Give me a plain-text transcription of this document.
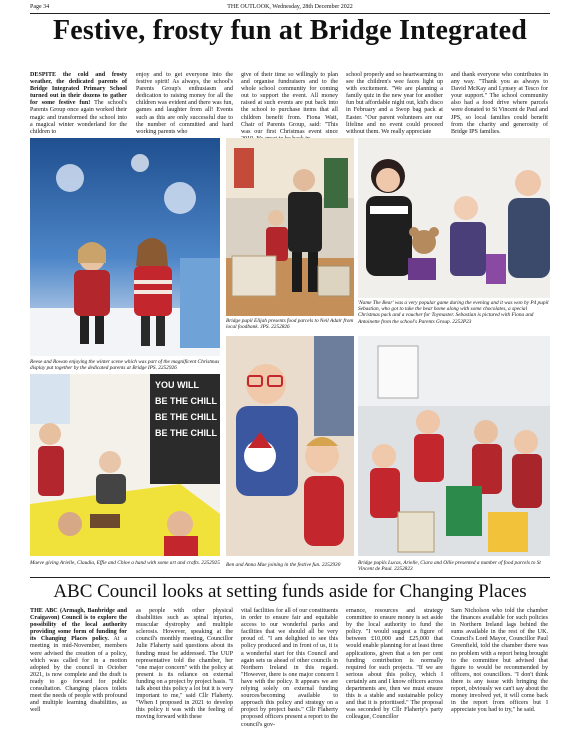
Page 34	THE OUTLOOK, Wednesday, 28th December 2022
Festive, frosty fun at Bridge Integrated

DESPITE the cold and frosty weather, the dedicated parents of Bridge Integrated Primary School turned out in their dozens to gather for some festive fun! The school's Parents Group once again worked their magic and transformed the school into a magical winter wonderland for the children to

enjoy and to get everyone into the festive spirit! As always, the school's Parents Group's enthusiasm and dedication to raising money for all the children was evident and there was fun, games and laughter from all! Events such as this are only successful due to the number of committed and hard working parents who

give of their time so willingly to plan and organise fundraisers and to the whole school community for coming out to support the event. All money raised at such events are put back into the school to purchase items that all children benefit from. Fiona Watt, Chair of Parents Group, said: "This was our first Christmas event since

school properly and so heartwarming to see the children's wee faces light up with excitement. "We are planning a family quiz in the new year for another fun but affordable night out, kid's disco in February and a Swop bag pack at Easter. "Our parent volunteers are our lifeline and no event could proceed without them. We really appreciate

and thank everyone who contributes in any way. "Thank you as always to David McKay and Lynsey at Tesco for your support." The school community also had a food drive where parcels were donated to St Vincent de Paul and JPS, so local families could benefit from the charity and generosity of Bridge IPS families.

Reese and Rowan enjoying the winter scene which was part of the magnificent Christmas display put together by the dedicated parents at Bridge IPS. 2252926
Bridge pupil Elijah presents food parcels to Neil Adair from local foodbank. JPS. 2252826
'Name The Bear' was a very popular game during the evening and it was won by P4 pupil Sebastian, who got to take the bear home along with some chocolates, a special Christmas pack and a voucher for Toymaster. Sebastian is pictured with Fiona and Antoinette from the school's Parents Group. 2252P23
YOU WILL
BE THE CHILL
BE THE CHILL
BE THE CHILL
Maeve giving Arielle, Claudia, Effie and Chloe a hand with some art and crafts. 2252925 Ben and Anna Mae joining in the festive fun. 2252930	Bridge pupils Lucas, Arielle, Ciara and Ollie presented a number of food parcels to St Vincent de Paul. 2252823
ABC Council looks at setting funds aside for Changing Places

THE ABC (Armagh, Banbridge and Craigavon) Council is to explore the possibility of the local authority providing some form of funding for its Changing Places policy. At a meeting in mid-November, members were advised the creation of a policy, which was called for in a motion adopted by the council in October 2021, is now complete and the draft is ready to go forward for public consultation. Changing places toilets meet the needs of people with profound and multiple learning disabilities, as well

as people with other physical disabilities such as spinal injuries, muscular dystrophy and multiple sclerosis. However, speaking at the council's monthly meeting, Councillor Julie Flaherty said questions about its funding must be addressed. The UUP representative told the chamber, her "one major concern" with the policy at present is its reliance on external funding on a project by project basis. "I talk about this policy a lot but it is very important to me," said Cllr Flaherty. "When I proposed in 2021 to develop this policy it was with the feeling of moving forward with these

vital facilities for all of our constituents in order to ensure fair and equitable access to our wonderful parks and facilities that we should all be very proud of. "I am delighted to see this policy produced and in front of us, it is a wonderful start for this Council and again sets us ahead of other councils in Northern Ireland in this regard. "However, there is one major concern I have with the policy. It appears we are relying solely on external funding sources/becoming available to approach this policy and strategy on a project by project basis." Cllr Flaherty proposed officers present a report to the council's gov-

ernance, resources and strategy committee to ensure money is set aside by the local authority to fund the policy. "I would suggest a figure of between £10,000 and £25,000 that would enable planning for at least three applications, given that a ten per cent funding contribution is normally required for such projects. "If we are serious about this policy, which I certainly am and I know officers across departments are, then we must ensure this is a stable and sustainable policy and that it is prioritised." The proposal was seconded by Cllr Flaherty's party colleague, Councillor

Sam Nicholson who told the chamber the finances available for such policies in Northern Ireland lags behind the sums available in the rest of the UK. Council's Lord Mayor, Councillor Paul Greenfield, told the chamber there was no problem with a report being brought to the committee but advised that figure to would be recommended by officers, not councillors. "I don't think there is any issue with bringing the report, obviously we can't say about the money involved yet, it will come back in the report from officers but I appreciate you had to try," he said.
